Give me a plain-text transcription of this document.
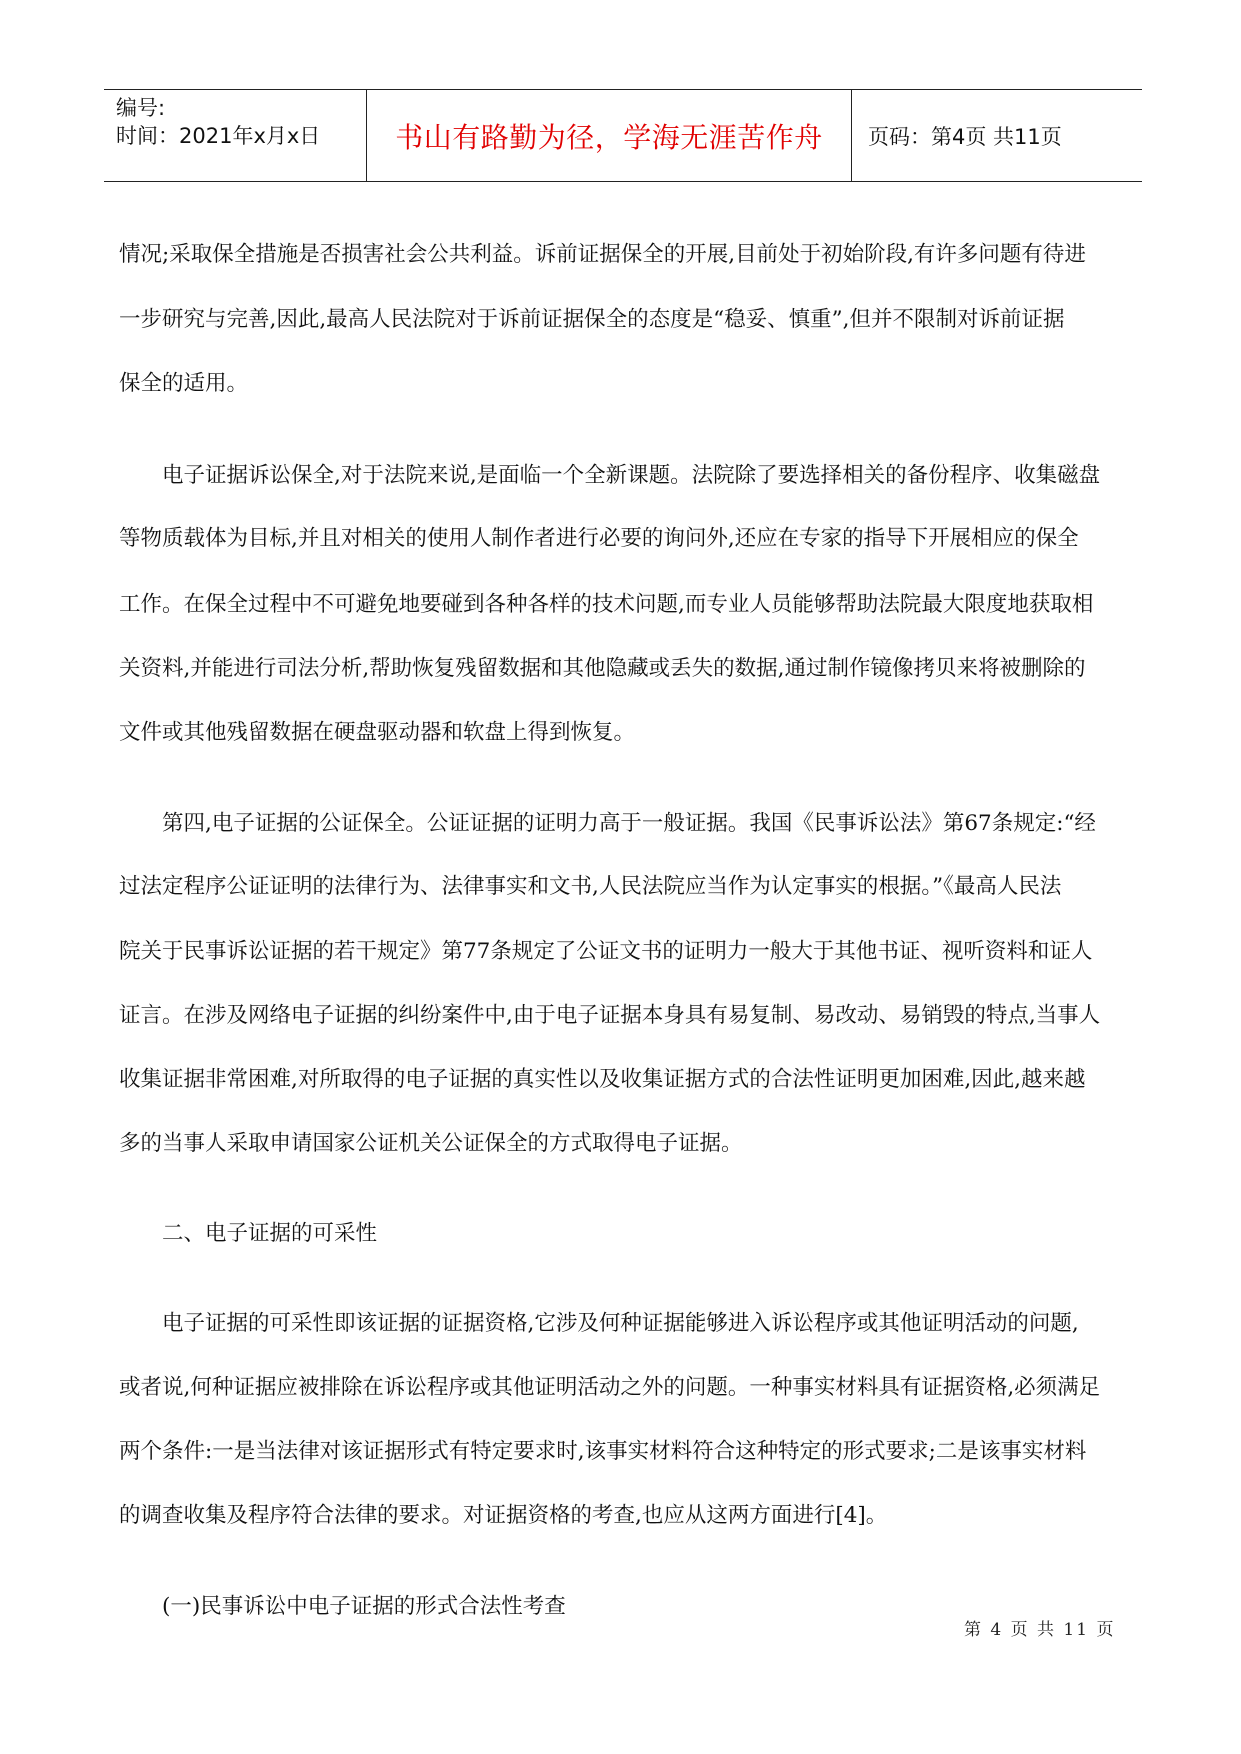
编号:
时间：2021年x月x日	书山有路勤为径，学海无涯苦作舟 页码：第4页 共11页
情况;采取保全措施是否损害社会公共利益。诉前证据保全的开展,目前处于初始阶段,有许多问题有待进
一步研究与完善,因此,最高人民法院对于诉前证据保全的态度是“稳妥、慎重”,但并不限制对诉前证据
保全的适用。
电子证据诉讼保全,对于法院来说,是面临一个全新课题。法院除了要选择相关的备份程序、收集磁盘
等物质载体为目标,并且对相关的使用人制作者进行必要的询问外,还应在专家的指导下开展相应的保全
工作。在保全过程中不可避免地要碰到各种各样的技术问题,而专业人员能够帮助法院最大限度地获取相
关资料,并能进行司法分析,帮助恢复残留数据和其他隐藏或丢失的数据,通过制作镜像拷贝来将被删除的
文件或其他残留数据在硬盘驱动器和软盘上得到恢复。
第四,电子证据的公证保全。公证证据的证明力高于一般证据。我国《民事诉讼法》第67条规定:“经
过法定程序公证证明的法律行为、法律事实和文书,人民法院应当作为认定事实的根据。”《最高人民法
院关于民事诉讼证据的若干规定》第77条规定了公证文书的证明力一般大于其他书证、视听资料和证人
证言。在涉及网络电子证据的纠纷案件中,由于电子证据本身具有易复制、易改动、易销毁的特点,当事人
收集证据非常困难,对所取得的电子证据的真实性以及收集证据方式的合法性证明更加困难,因此,越来越
多的当事人采取申请国家公证机关公证保全的方式取得电子证据。
二、电子证据的可采性
电子证据的可采性即该证据的证据资格,它涉及何种证据能够进入诉讼程序或其他证明活动的问题,
或者说,何种证据应被排除在诉讼程序或其他证明活动之外的问题。一种事实材料具有证据资格,必须满足
两个条件:一是当法律对该证据形式有特定要求时,该事实材料符合这种特定的形式要求;二是该事实材料
的调查收集及程序符合法律的要求。对证据资格的考查,也应从这两方面进行[4]。
(一)民事诉讼中电子证据的形式合法性考查
第 4 页 共 11 页
